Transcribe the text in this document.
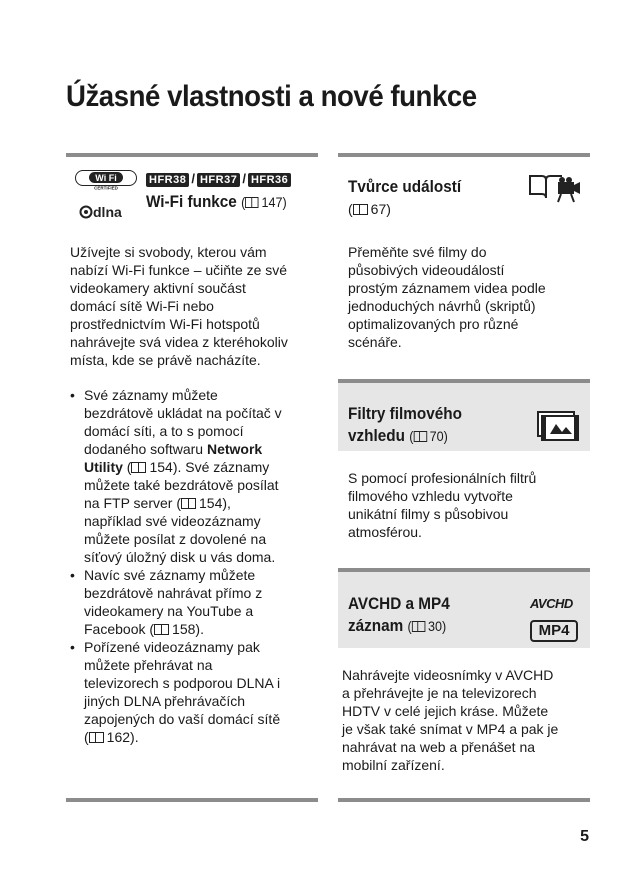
Úžasné vlastnosti a nové funkce
Wi Fi
CERTIFIED
dlna
HFR38 / HFR37 / HFR36
Wi-Fi funkce ( 147)
Užívejte si svobody, kterou vám
nabízí Wi-Fi funkce – učiňte ze své
videokamery aktivní součást
domácí sítě Wi-Fi nebo
prostřednictvím Wi-Fi hotspotů
nahrávejte svá videa z kteréhokoliv
místa, kde se právě nacházíte.
• Své záznamy můžete
bezdrátově ukládat na počítač v
domácí síti, a to s pomocí
dodaného softwaru Network
Utility ( 154). Své záznamy
můžete také bezdrátově posílat
na FTP server ( 154),
například své videozáznamy
můžete posílat z dovolené na
síťový úložný disk u vás doma.
• Navíc své záznamy můžete
bezdrátově nahrávat přímo z
videokamery na YouTube a
Facebook ( 158).
• Pořízené videozáznamy pak
můžete přehrávat na
televizorech s podporou DLNA i
jiných DLNA přehrávačích
zapojených do vaší domácí sítě
( 162).
Tvůrce událostí
( 67)
Přeměňte své filmy do
působivých videoudálostí
prostým záznamem videa podle
jednoduchých návrhů (skriptů)
optimalizovaných pro různé
scénáře.
Filtry filmového
vzhledu ( 70)
S pomocí profesionálních filtrů
filmového vzhledu vytvořte
unikátní filmy s působivou
atmosférou.
AVCHD a MP4
záznam ( 30)
AVCHD
MP4
Nahrávejte videosnímky v AVCHD
a přehrávejte je na televizorech
HDTV v celé jejich kráse. Můžete
je však také snímat v MP4 a pak je
nahrávat na web a přenášet na
mobilní zařízení.
5
